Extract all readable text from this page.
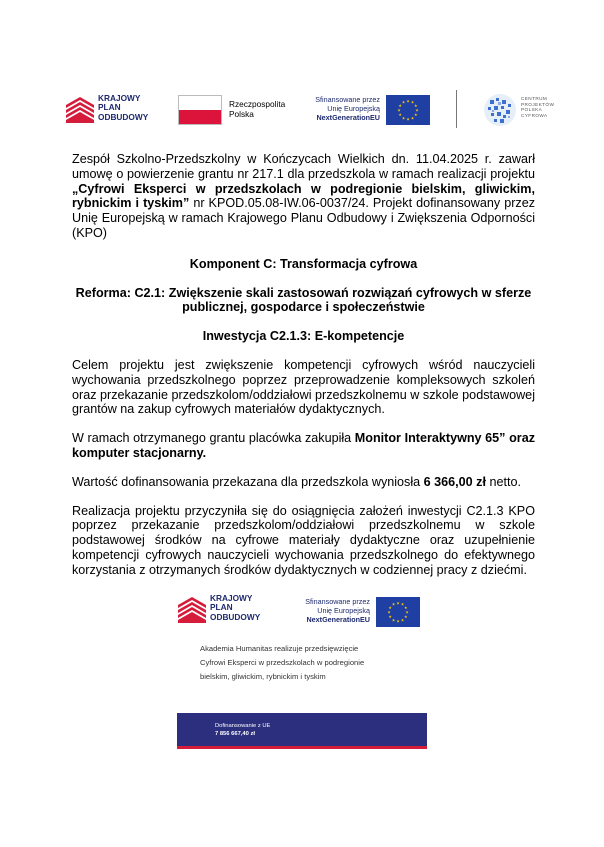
KRAJOWY
PLAN
ODBUDOWY
Rzeczpospolita
Polska
Sfinansowane przez
Unię Europejską
NextGenerationEU
★ ★
★
★
★
★
★
★
★
★
★
★
CENTRUM
PROJEKTÓW
POLSKA
CYFROWA

Zespół Szkolno-Przedszkolny w Kończycach Wielkich dn. 11.04.2025 r. zawarł umowę o powierzenie grantu nr 217.1 dla przedszkola w ramach realizacji projektu „Cyfrowi Eksperci w przedszkolach w podregionie bielskim, gliwickim, rybnickim i tyskim” nr KPOD.05.08-IW.06-0037/24. Projekt dofinansowany przez Unię Europejską w ramach Krajowego Planu Odbudowy i Zwiększenia Odporności (KPO)

Komponent C: Transformacja cyfrowa
Reforma: C2.1: Zwiększenie skali zastosowań rozwiązań cyfrowych w sferze publicznej, gospodarce i społeczeństwie
Inwestycja C2.1.3: E-kompetencje

Celem projektu jest zwiększenie kompetencji cyfrowych wśród nauczycieli wychowania przedszkolnego poprzez przeprowadzenie kompleksowych szkoleń oraz przekazanie przedszkolom/oddziałowi przedszkolnemu w szkole podstawowej grantów na zakup cyfrowych materiałów dydaktycznych.

W ramach otrzymanego grantu placówka zakupiła Monitor Interaktywny 65” oraz komputer stacjonarny.

Wartość dofinansowania przekazana dla przedszkola wyniosła 6 366,00 zł netto.

Realizacja projektu przyczyniła się do osiągnięcia założeń inwestycji C2.1.3 KPO poprzez przekazanie przedszkolom/oddziałowi przedszkolnemu w szkole podstawowej środków na cyfrowe materiały dydaktyczne oraz uzupełnienie kompetencji cyfrowych nauczycieli wychowania przedszkolnego do efektywnego korzystania z otrzymanych środków dydaktycznych w codziennej pracy z dziećmi.

KRAJOWY
PLAN
ODBUDOWY
Sfinansowane przez
Unię Europejską
NextGenerationEU
★ ★
★
★
★
★
★
★
★
★
★
★
Akademia Humanitas realizuje przedsięwzięcie
Cyfrowi Eksperci w przedszkolach w podregionie
bielskim, gliwickim, rybnickim i tyskim
Dofinansowanie z UE
7 856 667,40 zł
